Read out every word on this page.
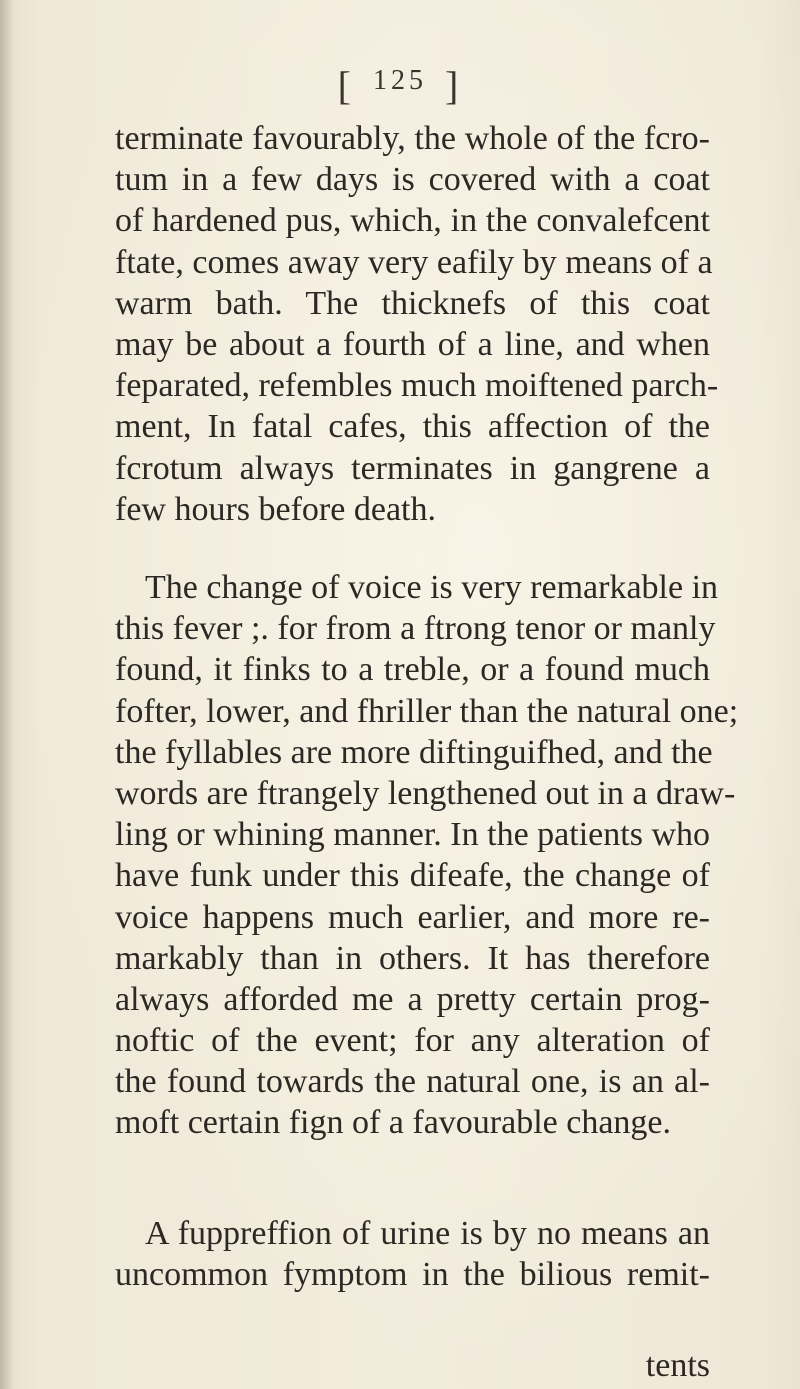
[ $^{125}$ ]
terminate favourably, the whole of the fcro-
tum in a few days is covered with a coat
of hardened pus, which, in the convalefcent
ftate, comes away very eafily by means of a
warm bath. The thicknefs of this coat
may be about a fourth of a line, and when
feparated, refembles much moiftened parch-
ment, In fatal cafes, this affection of the
fcrotum always terminates in gangrene a
few hours before death.
The change of voice is very remarkable in
this fever ;. for from a ftrong tenor or manly
found, it finks to a treble, or a found much
fofter, lower, and fhriller than the natural one;
the fyllables are more diftinguifhed, and the
words are ftrangely lengthened out in a draw-
ling or whining manner. In the patients who
have funk under this difeafe, the change of
voice happens much earlier, and more re-
markably than in others. It has therefore
always afforded me a pretty certain prog-
noftic of the event; for any alteration of
the found towards the natural one, is an al-
moft certain fign of a favourable change.
A fuppreffion of urine is by no means an
uncommon fymptom in the bilious remit-
tents
